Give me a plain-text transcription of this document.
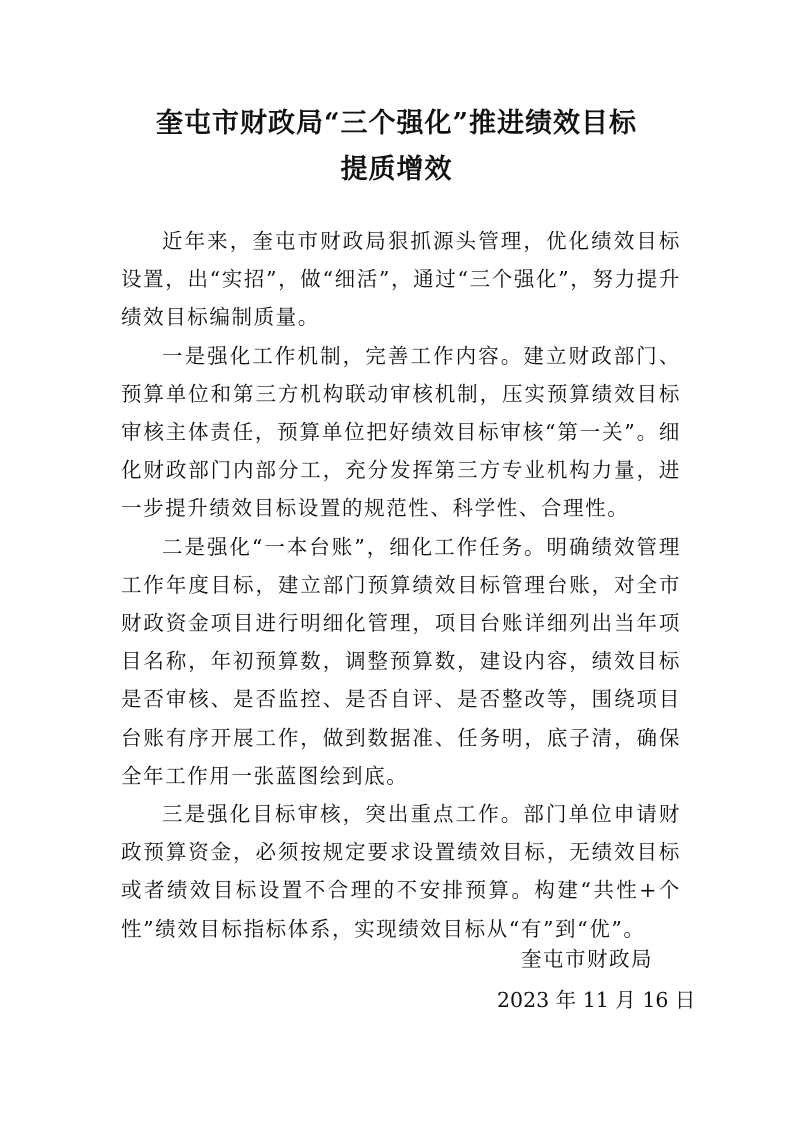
奎屯市财政局“三个强化”推进绩效目标
提质增效

近年来，奎屯市财政局狠抓源头管理，优化绩效目标设置，出“实招”，做“细活”，通过“三个强化”，努力提升绩效目标编制质量。

一是强化工作机制，完善工作内容。建立财政部门、预算单位和第三方机构联动审核机制，压实预算绩效目标审核主体责任，预算单位把好绩效目标审核“第一关”。细化财政部门内部分工，充分发挥第三方专业机构力量，进一步提升绩效目标设置的规范性、科学性、合理性。

二是强化“一本台账”，细化工作任务。明确绩效管理工作年度目标，建立部门预算绩效目标管理台账，对全市财政资金项目进行明细化管理，项目台账详细列出当年项目名称，年初预算数，调整预算数，建设内容，绩效目标是否审核、是否监控、是否自评、是否整改等，围绕项目台账有序开展工作，做到数据准、任务明，底子清，确保全年工作用一张蓝图绘到底。

三是强化目标审核，突出重点工作。部门单位申请财政预算资金，必须按规定要求设置绩效目标，无绩效目标或者绩效目标设置不合理的不安排预算。构建“共性+个性”绩效目标指标体系，实现绩效目标从“有”到“优”。

奎屯市财政局
2023 年 11 月 16 日
